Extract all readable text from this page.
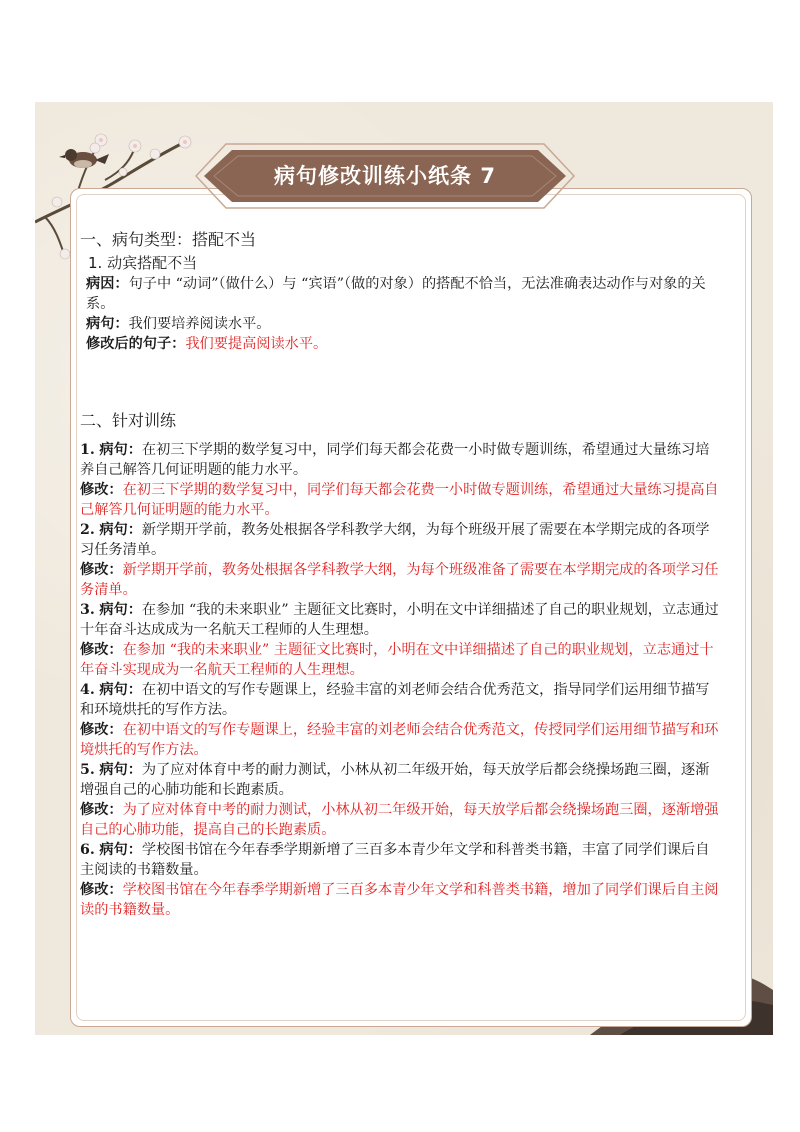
病句修改训练小纸条 7
一、病句类型：搭配不当
1. 动宾搭配不当

病因：句子中 “动词”（做什么）与 “宾语”（做的对象）的搭配不恰当，无法准确表达动作与对象的关系。

病句：我们要培养阅读水平。

修改后的句子：我们要提高阅读水平。

二、针对训练

1. 病句：在初三下学期的数学复习中，同学们每天都会花费一小时做专题训练，希望通过大量练习培养自己解答几何证明题的能力水平。

修改：在初三下学期的数学复习中，同学们每天都会花费一小时做专题训练，希望通过大量练习提高自己解答几何证明题的能力水平。

2. 病句：新学期开学前，教务处根据各学科教学大纲，为每个班级开展了需要在本学期完成的各项学习任务清单。

修改：新学期开学前，教务处根据各学科教学大纲，为每个班级准备了需要在本学期完成的各项学习任务清单。

3. 病句：在参加 “我的未来职业” 主题征文比赛时，小明在文中详细描述了自己的职业规划，立志通过十年奋斗达成成为一名航天工程师的人生理想。

修改：在参加 “我的未来职业” 主题征文比赛时，小明在文中详细描述了自己的职业规划，立志通过十年奋斗实现成为一名航天工程师的人生理想。

4. 病句：在初中语文的写作专题课上，经验丰富的刘老师会结合优秀范文，指导同学们运用细节描写和环境烘托的写作方法。

修改：在初中语文的写作专题课上，经验丰富的刘老师会结合优秀范文，传授同学们运用细节描写和环境烘托的写作方法。

5. 病句：为了应对体育中考的耐力测试，小林从初二年级开始，每天放学后都会绕操场跑三圈，逐渐增强自己的心肺功能和长跑素质。

修改：为了应对体育中考的耐力测试，小林从初二年级开始，每天放学后都会绕操场跑三圈，逐渐增强自己的心肺功能，提高自己的长跑素质。

6. 病句：学校图书馆在今年春季学期新增了三百多本青少年文学和科普类书籍，丰富了同学们课后自主阅读的书籍数量。

修改：学校图书馆在今年春季学期新增了三百多本青少年文学和科普类书籍，增加了同学们课后自主阅读的书籍数量。
